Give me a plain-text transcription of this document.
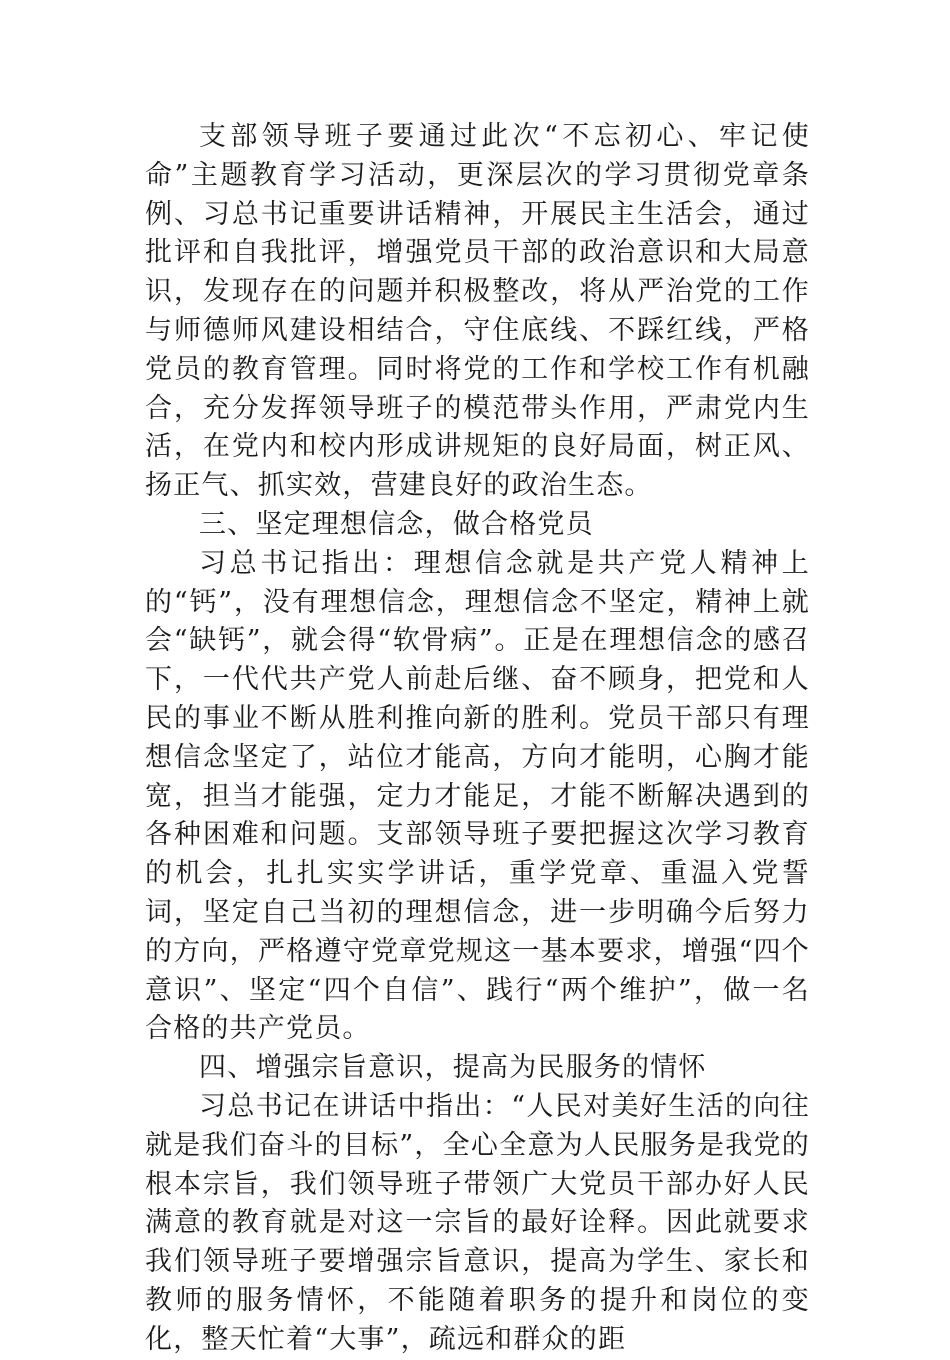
支部领导班子要通过此次“不忘初心、牢记使命”主题教育学习活动，更深层次的学习贯彻党章条例、习总书记重要讲话精神，开展民主生活会，通过批评和自我批评，增强党员干部的政治意识和大局意识，发现存在的问题并积极整改，将从严治党的工作与师德师风建设相结合，守住底线、不踩红线，严格党员的教育管理。同时将党的工作和学校工作有机融合，充分发挥领导班子的模范带头作用，严肃党内生活，在党内和校内形成讲规矩的良好局面，树正风、扬正气、抓实效，营建良好的政治生态。

三、坚定理想信念，做合格党员

习总书记指出：理想信念就是共产党人精神上的“钙”，没有理想信念，理想信念不坚定，精神上就会“缺钙”，就会得“软骨病”。正是在理想信念的感召下，一代代共产党人前赴后继、奋不顾身，把党和人民的事业不断从胜利推向新的胜利。党员干部只有理想信念坚定了，站位才能高，方向才能明，心胸才能宽，担当才能强，定力才能足，才能不断解决遇到的各种困难和问题。支部领导班子要把握这次学习教育的机会，扎扎实实学讲话，重学党章、重温入党誓词，坚定自己当初的理想信念，进一步明确今后努力的方向，严格遵守党章党规这一基本要求，增强“四个意识”、坚定“四个自信”、践行“两个维护”，做一名合格的共产党员。

四、增强宗旨意识，提高为民服务的情怀

习总书记在讲话中指出：“人民对美好生活的向往就是我们奋斗的目标”，全心全意为人民服务是我党的根本宗旨，我们领导班子带领广大党员干部办好人民满意的教育就是对这一宗旨的最好诠释。因此就要求我们领导班子要增强宗旨意识，提高为学生、家长和教师的服务情怀，不能随着职务的提升和岗位的变化，整天忙着“大事”，疏远和群众的距
